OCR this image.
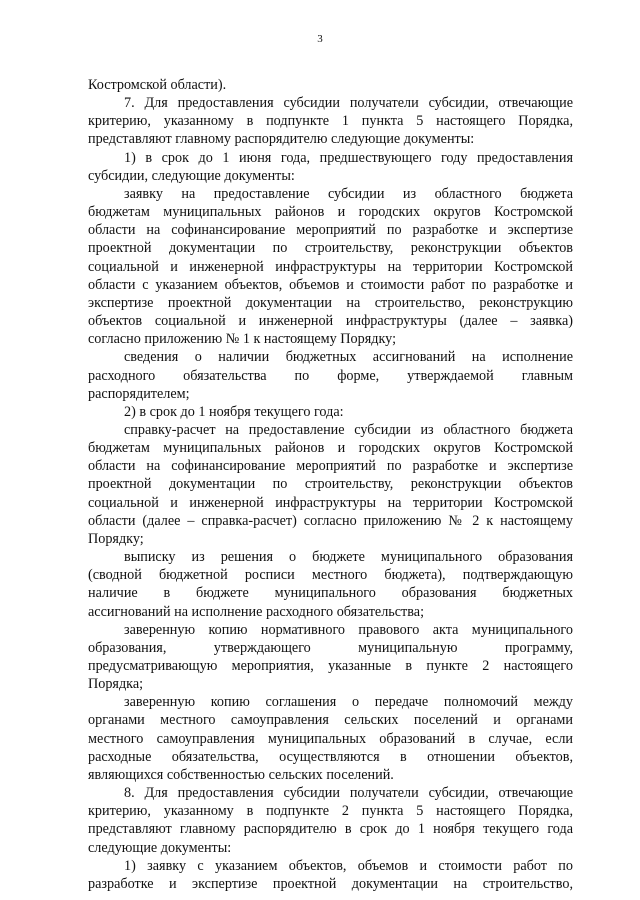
3
Костромской области).
7. Для предоставления субсидии получатели субсидии, отвечающие
критерию, указанному в подпункте 1 пункта 5 настоящего Порядка,
представляют главному распорядителю следующие документы:
1) в срок до 1 июня года, предшествующего году предоставления
субсидии, следующие документы:
заявку на предоставление субсидии из областного бюджета
бюджетам муниципальных районов и городских округов Костромской
области на софинансирование мероприятий по разработке и экспертизе
проектной документации по строительству, реконструкции объектов
социальной и инженерной инфраструктуры на территории Костромской
области с указанием объектов, объемов и стоимости работ по разработке и
экспертизе проектной документации на строительство, реконструкцию
объектов социальной и инженерной инфраструктуры (далее – заявка)
согласно приложению № 1 к настоящему Порядку;
сведения о наличии бюджетных ассигнований на исполнение
расходного обязательства по форме, утверждаемой главным
распорядителем;
2) в срок до 1 ноября текущего года:
справку-расчет на предоставление субсидии из областного бюджета
бюджетам муниципальных районов и городских округов Костромской
области на софинансирование мероприятий по разработке и экспертизе
проектной документации по строительству, реконструкции объектов
социальной и инженерной инфраструктуры на территории Костромской
области (далее – справка-расчет) согласно приложению № 2 к настоящему
Порядку;
выписку из решения о бюджете муниципального образования
(сводной бюджетной росписи местного бюджета), подтверждающую
наличие в бюджете муниципального образования бюджетных
ассигнований на исполнение расходного обязательства;
заверенную копию нормативного правового акта муниципального
образования, утверждающего муниципальную программу,
предусматривающую мероприятия, указанные в пункте 2 настоящего
Порядка;
заверенную копию соглашения о передаче полномочий между
органами местного самоуправления сельских поселений и органами
местного самоуправления муниципальных образований в случае, если
расходные обязательства, осуществляются в отношении объектов,
являющихся собственностью сельских поселений.
8. Для предоставления субсидии получатели субсидии, отвечающие
критерию, указанному в подпункте 2 пункта 5 настоящего Порядка,
представляют главному распорядителю в срок до 1 ноября текущего года
следующие документы:
1) заявку с указанием объектов, объемов и стоимости работ по
разработке и экспертизе проектной документации на строительство,
